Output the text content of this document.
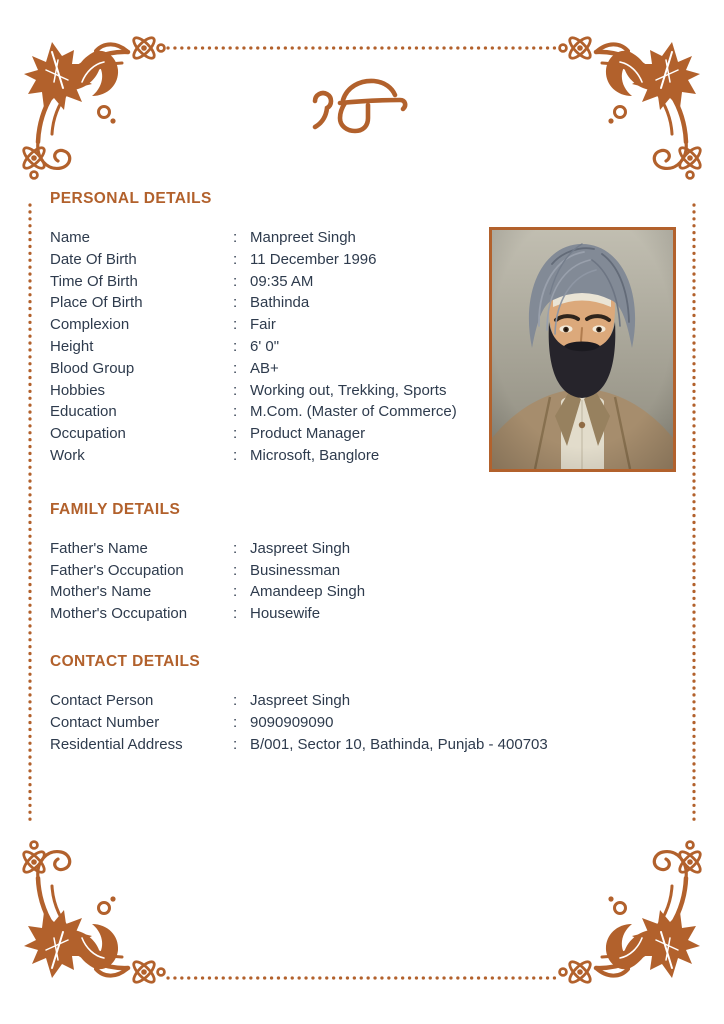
PERSONAL DETAILS
Name	: Manpreet Singh
Date Of Birth	: 11 December 1996
Time Of Birth	: 09:35 AM
Place Of Birth	: Bathinda
Complexion	: Fair
Height	: 6' 0"
Blood Group	: AB+
Hobbies	: Working out, Trekking, Sports
Education	: M.Com. (Master of Commerce)
Occupation	: Product Manager
Work	: Microsoft, Banglore
FAMILY DETAILS
Father's Name	: Jaspreet Singh
Father's Occupation	: Businessman
Mother's Name	: Amandeep Singh
Mother's Occupation	: Housewife
CONTACT DETAILS
Contact Person	: Jaspreet Singh
Contact Number	: 9090909090
Residential Address	: B/001, Sector 10, Bathinda, Punjab - 400703
